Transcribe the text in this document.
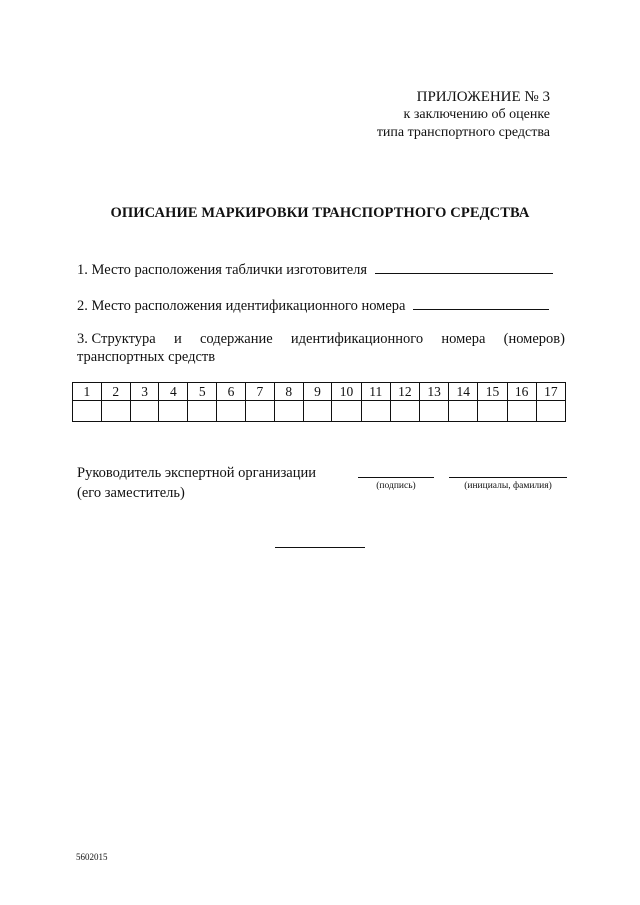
ПРИЛОЖЕНИЕ № 3
к заключению об оценке
типа транспортного средства
ОПИСАНИЕ МАРКИРОВКИ ТРАНСПОРТНОГО СРЕДСТВА
1. Место расположения таблички изготовителя
2. Место расположения идентификационного номера
3. Структура и содержание идентификационного номера (номеров)
транспортных средств
1	2	3	4	5	6	7	8	9	10	11	12	13	14	15	16	17

Руководитель экспертной организации
(его заместитель)	(подпись)	(инициалы, фамилия)
5602015
